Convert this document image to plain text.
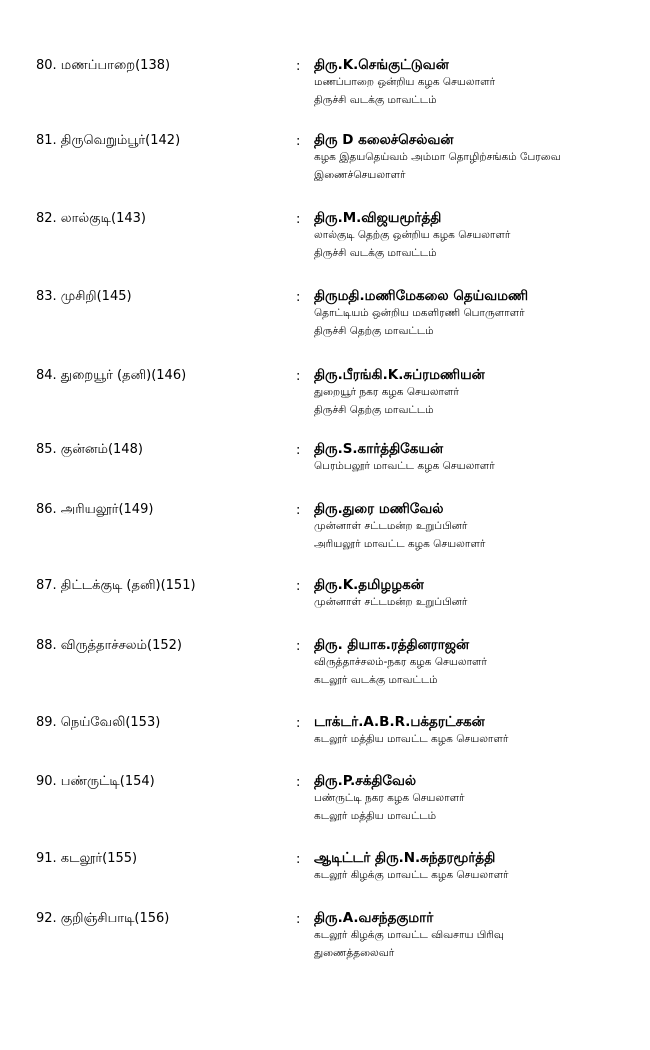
80. மணப்பாறை(138)	: திரு.K.செங்குட்டுவன்
மணப்பாறை ஒன்றிய கழக செயலாளர்
திருச்சி வடக்கு மாவட்டம்
81. திருவெறும்பூர்(142)	: திரு D கலைச்செல்வன்
கழக இதயதெய்வம் அம்மா தொழிற்சங்கம் பேரவை
இணைச்செயலாளர்
82. லால்குடி(143)	: திரு.M.விஜயமூர்த்தி
லால்குடி தெற்கு ஒன்றிய கழக செயலாளர்
திருச்சி வடக்கு மாவட்டம்
83. முசிறி(145)	: திருமதி.மணிமேகலை தெய்வமணி
தொட்டியம் ஒன்றிய மகளிரணி பொருளாளர்
திருச்சி தெற்கு மாவட்டம்
84. துறையூர் (தனி)(146)	: திரு.பீரங்கி.K.சுப்ரமணியன்
துறையூர் நகர கழக செயலாளர்
திருச்சி தெற்கு மாவட்டம்
85. குன்னம்(148)	: திரு.S.கார்த்திகேயன்
பெரம்பலூர் மாவட்ட கழக செயலாளர்
86. அரியலூர்(149)	: திரு.துரை மணிவேல்
முன்னாள் சட்டமன்ற உறுப்பினர்
அரியலூர் மாவட்ட கழக செயலாளர்
87. திட்டக்குடி (தனி)(151)	: திரு.K.தமிழழகன்
முன்னாள் சட்டமன்ற உறுப்பினர்
88. விருத்தாச்சலம்(152)	: திரு. தியாக.ரத்தினராஜன்
விருத்தாச்சலம்-நகர கழக செயலாளர்
கடலூர் வடக்கு மாவட்டம்
89. நெய்வேலி(153)	: டாக்டர்.A.B.R.பக்தரட்சகன்
கடலூர் மத்திய மாவட்ட கழக செயலாளர்
90. பண்ருட்டி(154)	: திரு.P.சக்திவேல்
பண்ருட்டி நகர கழக செயலாளர்
கடலூர் மத்திய மாவட்டம்
91. கடலூர்(155)	: ஆடிட்டர் திரு.N.சுந்தரமூர்த்தி
கடலூர் கிழக்கு மாவட்ட கழக செயலாளர்
92. குறிஞ்சிபாடி(156)	: திரு.A.வசந்தகுமார்
கடலூர் கிழக்கு மாவட்ட விவசாய பிரிவு
துணைத்தலைவர்
